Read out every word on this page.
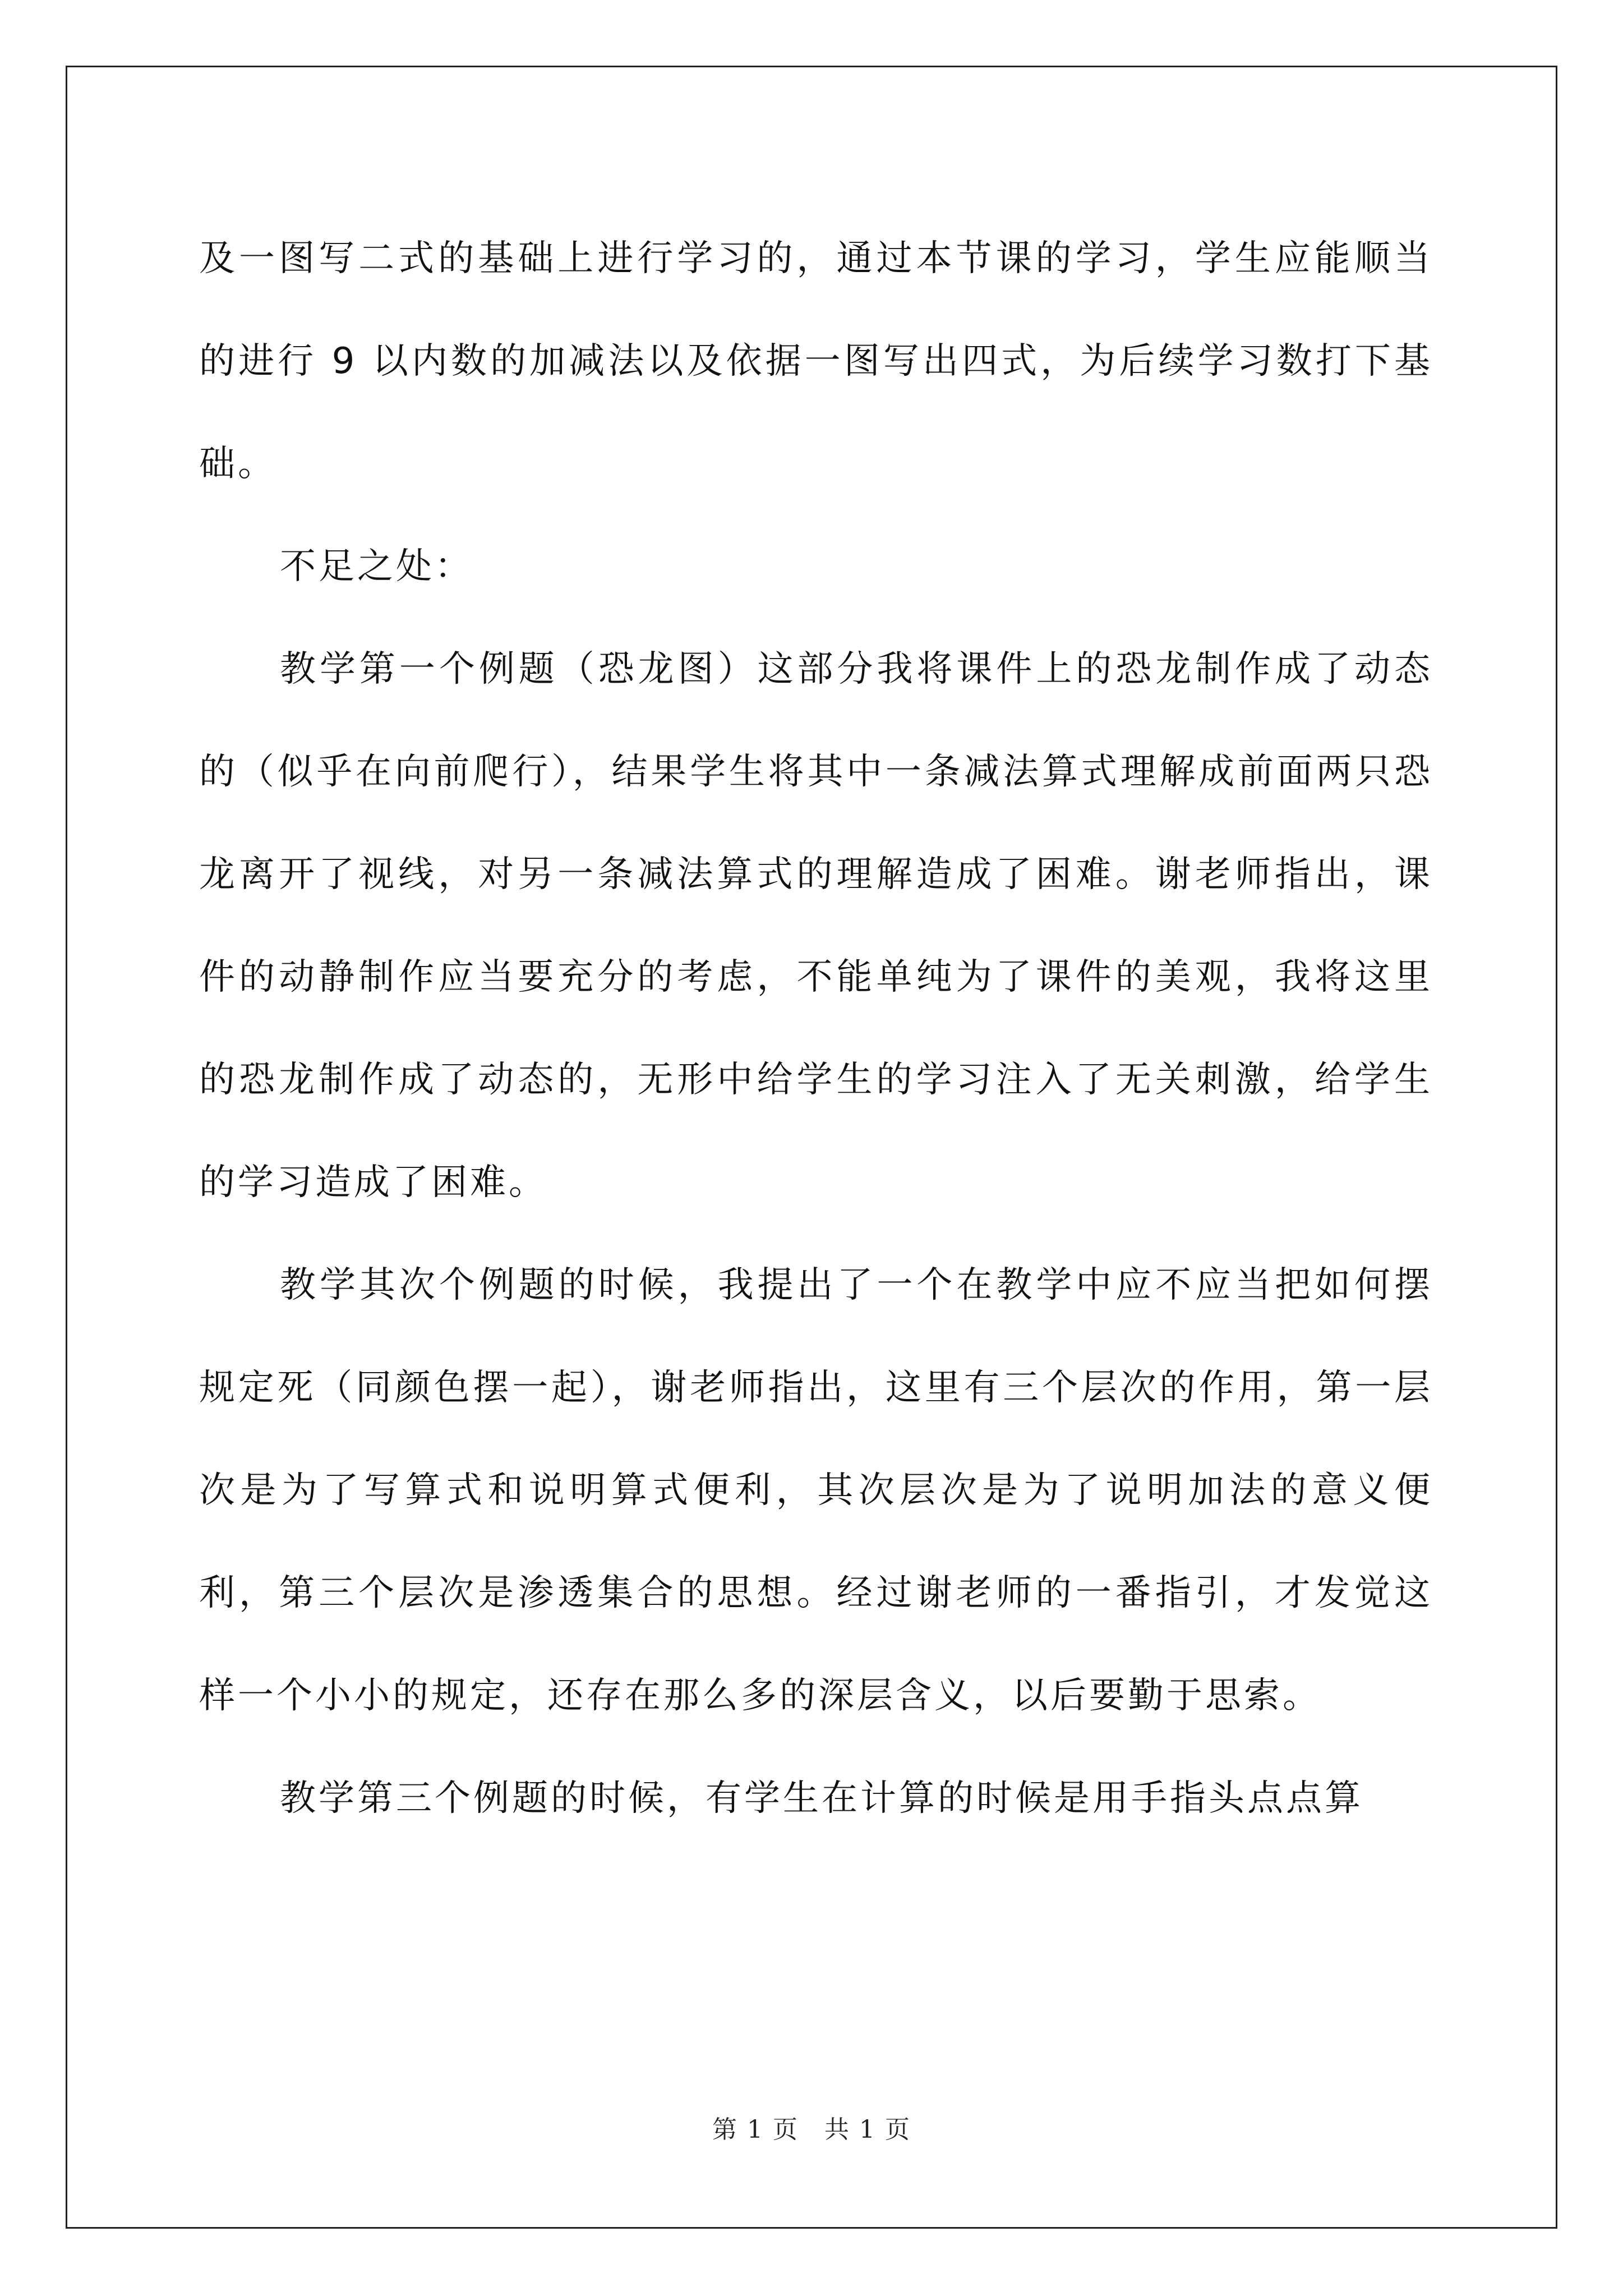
及一图写二式的基础上进行学习的，通过本节课的学习，学生应能顺当的进行 9 以内数的加减法以及依据一图写出四式，为后续学习数打下基础。

不足之处：

教学第一个例题（恐龙图）这部分我将课件上的恐龙制作成了动态的（似乎在向前爬行），结果学生将其中一条减法算式理解成前面两只恐龙离开了视线，对另一条减法算式的理解造成了困难。谢老师指出，课件的动静制作应当要充分的考虑，不能单纯为了课件的美观，我将这里的恐龙制作成了动态的，无形中给学生的学习注入了无关刺激，给学生的学习造成了困难。

教学其次个例题的时候，我提出了一个在教学中应不应当把如何摆规定死（同颜色摆一起），谢老师指出，这里有三个层次的作用，第一层次是为了写算式和说明算式便利，其次层次是为了说明加法的意义便利，第三个层次是渗透集合的思想。经过谢老师的一番指引，才发觉这样一个小小的规定，还存在那么多的深层含义，以后要勤于思索。

教学第三个例题的时候，有学生在计算的时候是用手指头点点算

第 1 页　共 1 页
